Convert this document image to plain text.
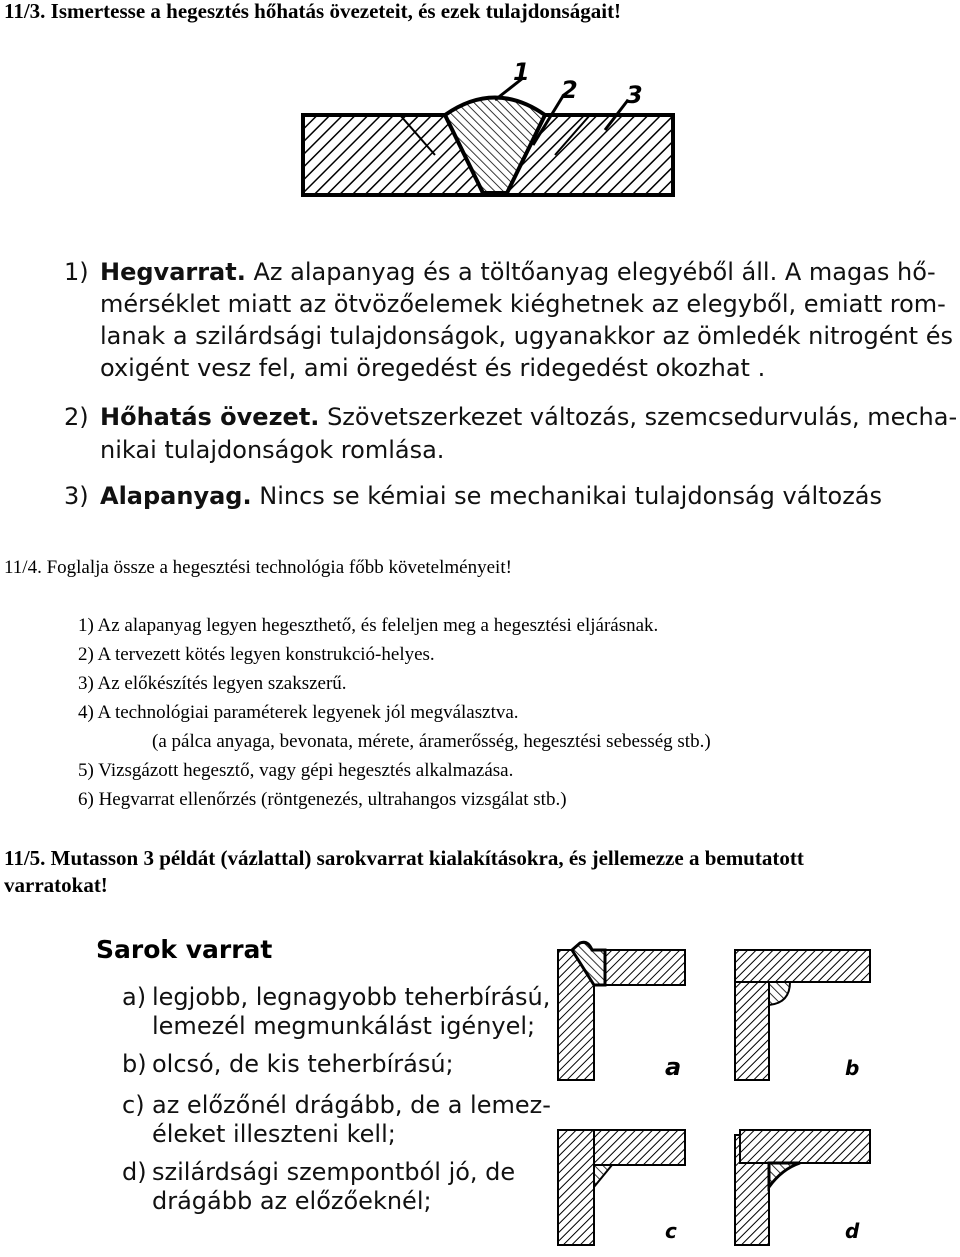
11/3. Ismertesse a hegesztés hőhatás övezeteit, és ezek tulajdonságait!
1
2 3
1) Hegvarrat. Az alapanyag és a töltőanyag elegyéből áll. A magas hő-
mérséklet miatt az ötvözőelemek kiéghetnek az elegyből, emiatt rom-
lanak a szilárdsági tulajdonságok, ugyanakkor az ömledék nitrogént és
oxigént vesz fel, ami öregedést és ridegedést okozhat .
2) Hőhatás övezet. Szövetszerkezet változás, szemcsedurvulás, mecha-
nikai tulajdonságok romlása.
3) Alapanyag. Nincs se kémiai se mechanikai tulajdonság változás
11/4. Foglalja össze a hegesztési technológia főbb követelményeit!
1) Az alapanyag legyen hegeszthető, és feleljen meg a hegesztési eljárásnak.
2) A tervezett kötés legyen konstrukció-helyes.
3) Az előkészítés legyen szakszerű.
4) A technológiai paraméterek legyenek jól megválasztva.
(a pálca anyaga, bevonata, mérete, áramerősség, hegesztési sebesség stb.)
5) Vizsgázott hegesztő, vagy gépi hegesztés alkalmazása.
6) Hegvarrat ellenőrzés (röntgenezés, ultrahangos vizsgálat stb.)
11/5. Mutasson 3 példát (vázlattal) sarokvarrat kialakításokra, és jellemezze a bemutatott
varratokat!
Sarok varrat
a) legjobb, legnagyobb teherbírású,
lemezél megmunkálást igényel;
b) olcsó, de kis teherbírású;
c) az előzőnél drágább, de a lemez-
éleket illeszteni kell;
d) szilárdsági szempontból jó, de
drágább az előzőeknél;
a	b
c	d
